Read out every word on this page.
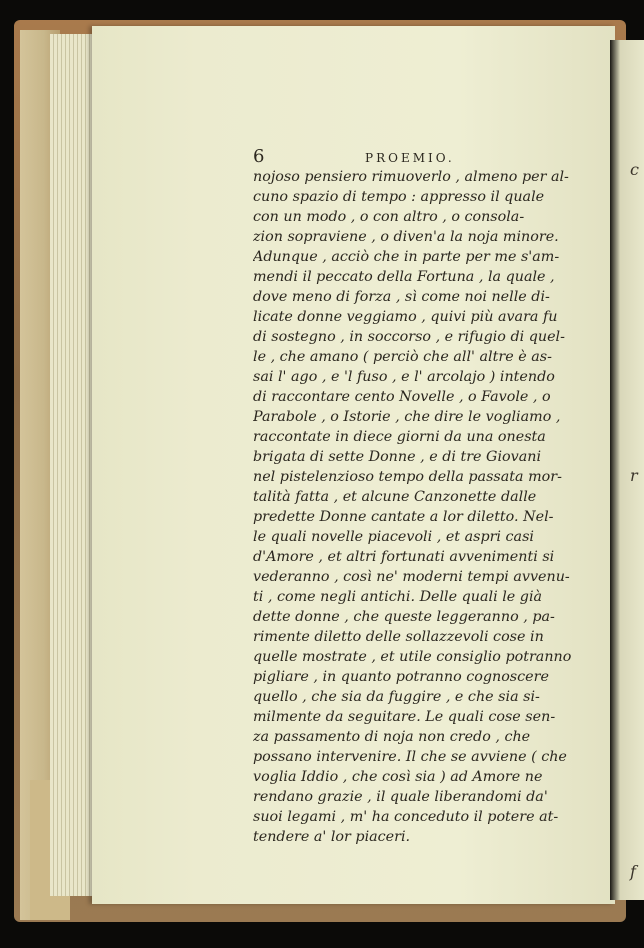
c
r
f
6	PROEMIO.
nojoso pensiero rimuoverlo , almeno per al-
cuno spazio di tempo : appresso il quale
con un modo , o con altro , o consola-
zion sopraviene , o diven'a la noja minore.
Adunque , acciò che in parte per me s'am-
mendi il peccato della Fortuna , la quale ,
dove meno di forza , sì come noi nelle di-
licate donne veggiamo , quivi più avara fu
di sostegno , in soccorso , e rifugio di quel-
le , che amano ( perciò che all' altre è as-
sai l' ago , e 'l fuso , e l' arcolajo ) intendo
di raccontare cento Novelle , o Favole , o
Parabole , o Istorie , che dire le vogliamo ,
raccontate in diece giorni da una onesta
brigata di sette Donne , e di tre Giovani
nel pistelenzioso tempo della passata mor-
talità fatta , et alcune Canzonette dalle
predette Donne cantate a lor diletto. Nel-
le quali novelle piacevoli , et aspri casi
d'Amore , et altri fortunati avvenimenti si
vederanno , così ne' moderni tempi avvenu-
ti , come negli antichi. Delle quali le già
dette donne , che queste leggeranno , pa-
rimente diletto delle sollazzevoli cose in
quelle mostrate , et utile consiglio potranno
pigliare , in quanto potranno cognoscere
quello , che sia da fuggire , e che sia si-
milmente da seguitare. Le quali cose sen-
za passamento di noja non credo , che
possano intervenire. Il che se avviene ( che
voglia Iddio , che così sia ) ad Amore ne
rendano grazie , il quale liberandomi da'
suoi legami , m' ha conceduto il potere at-
tendere a' lor piaceri.
